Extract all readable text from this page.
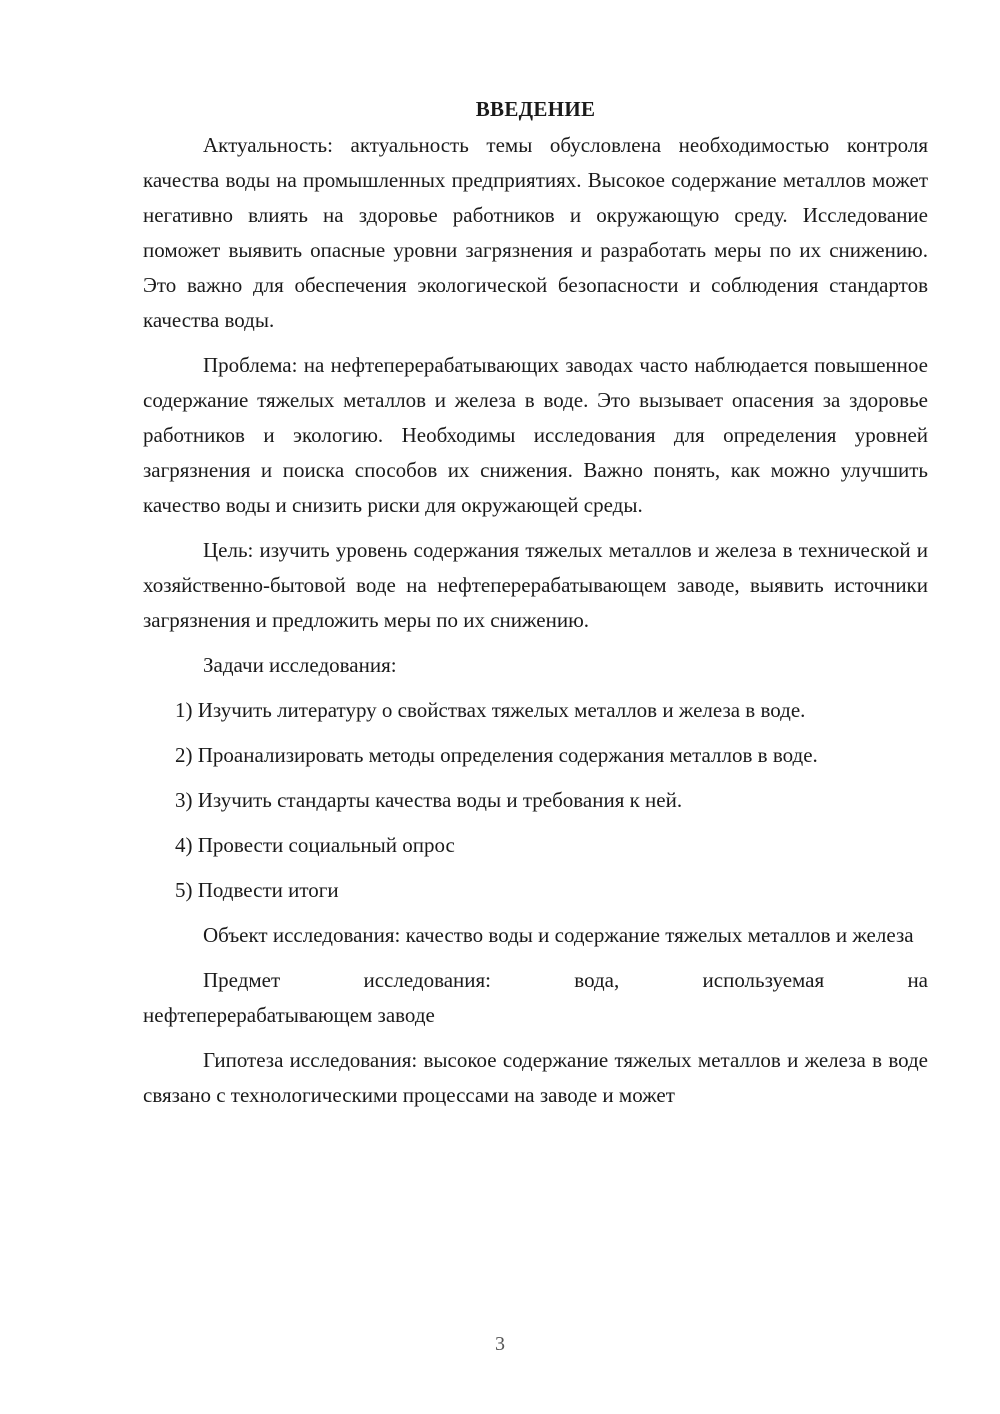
ВВЕДЕНИЕ

Актуальность: актуальность темы обусловлена необходимостью контроля качества воды на промышленных предприятиях. Высокое содержание металлов может негативно влиять на здоровье работников и окружающую среду. Исследование поможет выявить опасные уровни загрязнения и разработать меры по их снижению. Это важно для обеспечения экологической безопасности и соблюдения стандартов качества воды.

Проблема: на нефтеперерабатывающих заводах часто наблюдается повышенное содержание тяжелых металлов и железа в воде. Это вызывает опасения за здоровье работников и экологию. Необходимы исследования для определения уровней загрязнения и поиска способов их снижения. Важно понять, как можно улучшить качество воды и снизить риски для окружающей среды.

Цель: изучить уровень содержания тяжелых металлов и железа в технической и хозяйственно-бытовой воде на нефтеперерабатывающем заводе, выявить источники загрязнения и предложить меры по их снижению.

Задачи исследования:

1) Изучить литературу о свойствах тяжелых металлов и железа в воде.

2) Проанализировать методы определения содержания металлов в воде.

3) Изучить стандарты качества воды и требования к ней.

4) Провести социальный опрос

5) Подвести итоги

Объект исследования: качество воды и содержание тяжелых металлов и железа

Предмет исследования: вода, используемая на

нефтеперерабатывающем заводе

Гипотеза исследования: высокое содержание тяжелых металлов и железа в воде связано с технологическими процессами на заводе и может

3
